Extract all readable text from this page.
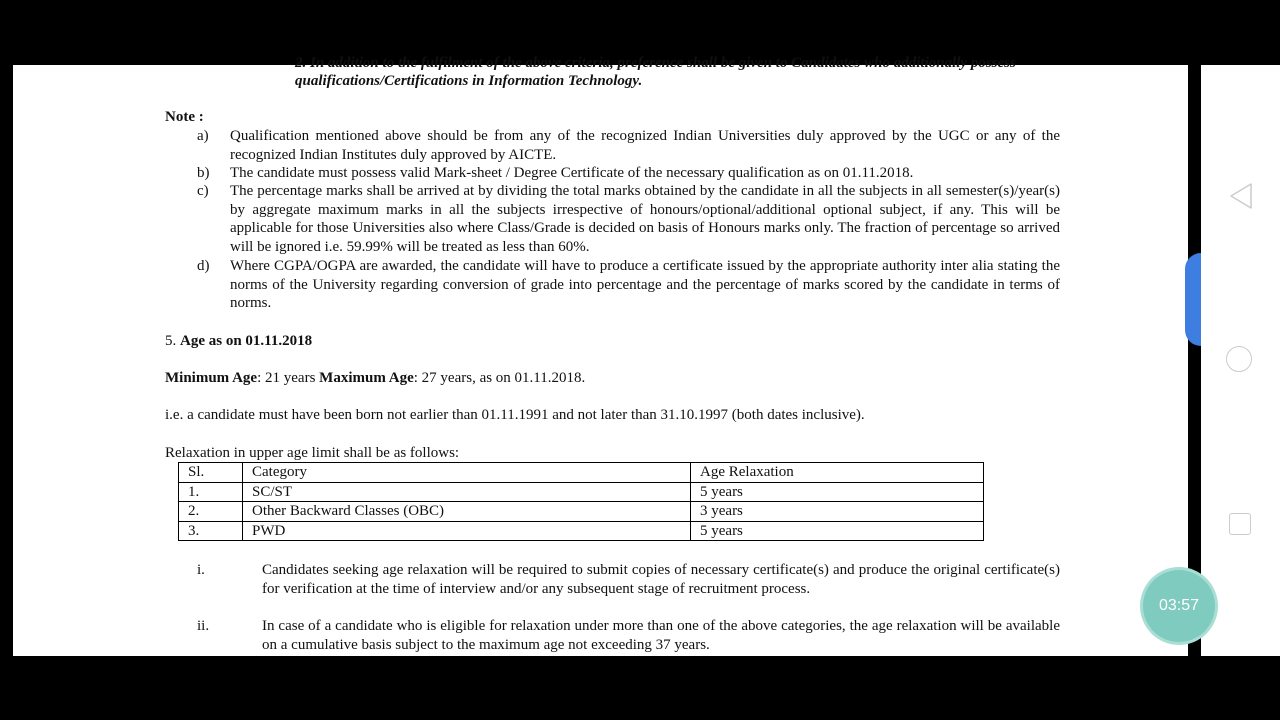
2. In addition to the fulfilment of the above criteria, preference shall be given to Candidates who additionally possess
qualifications/Certifications in Information Technology.
Note :
a) Qualification mentioned above should be from any of the recognized Indian Universities duly approved by the UGC or any of the recognized Indian Institutes duly approved by AICTE.
b) The candidate must possess valid Mark-sheet / Degree Certificate of the necessary qualification as on 01.11.2018.
c) The percentage marks shall be arrived at by dividing the total marks obtained by the candidate in all the subjects in all semester(s)/year(s) by aggregate maximum marks in all the subjects irrespective of honours/optional/additional optional subject, if any. This will be applicable for those Universities also where Class/Grade is decided on basis of Honours marks only. The fraction of percentage so arrived will be ignored i.e. 59.99% will be treated as less than 60%.
d) Where CGPA/OGPA are awarded, the candidate will have to produce a certificate issued by the appropriate authority inter alia stating the norms of the University regarding conversion of grade into percentage and the percentage of marks scored by the candidate in terms of norms.
5. Age as on 01.11.2018
Minimum Age: 21 years Maximum Age: 27 years, as on 01.11.2018.
i.e. a candidate must have been born not earlier than 01.11.1991 and not later than 31.10.1997 (both dates inclusive).
Relaxation in upper age limit shall be as follows:
Sl.	Category	Age Relaxation
1.	SC/ST	5 years
2.	Other Backward Classes (OBC)	3 years
3.	PWD	5 years
i.	Candidates seeking age relaxation will be required to submit copies of necessary certificate(s) and produce the original certificate(s) for verification at the time of interview and/or any subsequent stage of recruitment process.
ii.	In case of a candidate who is eligible for relaxation under more than one of the above categories, the age relaxation will be available on a cumulative basis subject to the maximum age not exceeding 37 years.
03:57
